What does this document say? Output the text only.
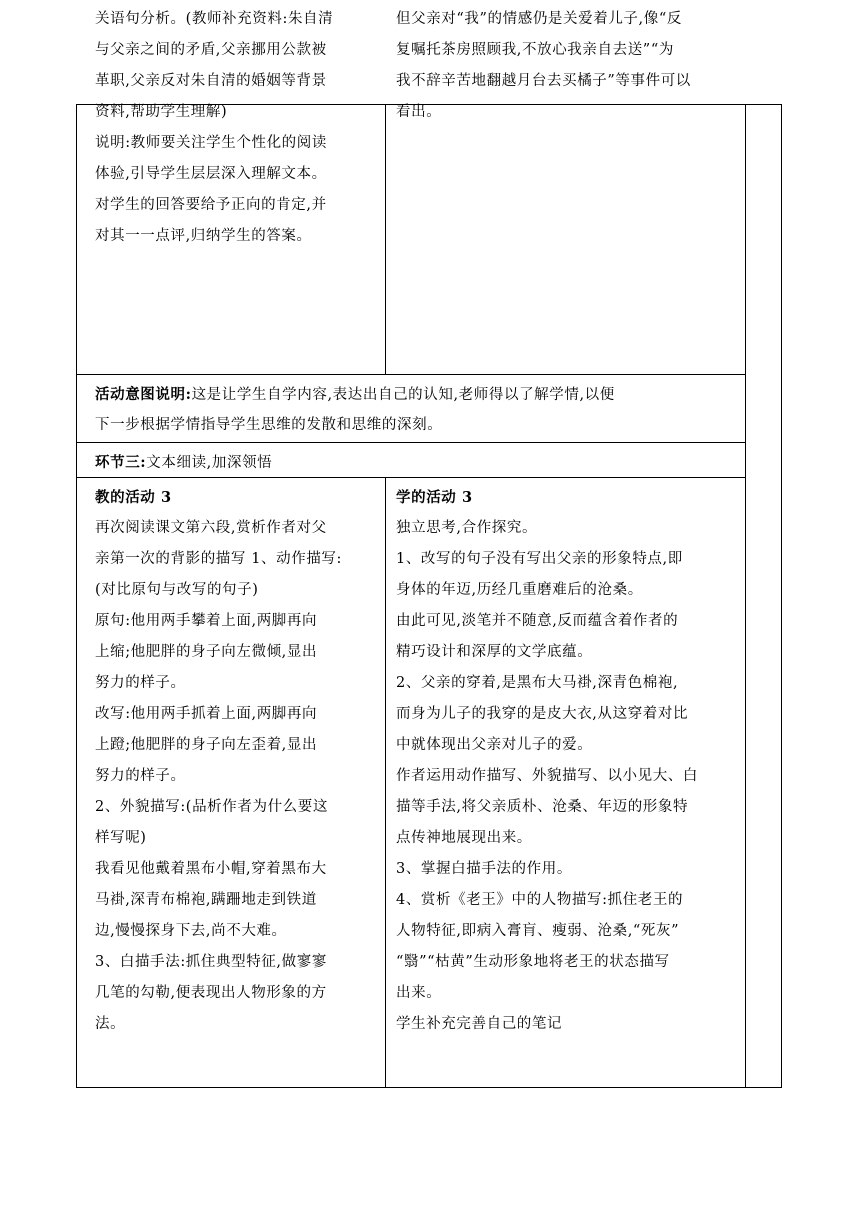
关语句分析。(教师补充资料:朱自清

与父亲之间的矛盾,父亲挪用公款被

革职,父亲反对朱自清的婚姻等背景

资料,帮助学生理解)

说明:教师要关注学生个性化的阅读

体验,引导学生层层深入理解文本。

对学生的回答要给予正向的肯定,并

对其一一点评,归纳学生的答案。

但父亲对“我”的情感仍是关爱着儿子,像“反

复嘱托茶房照顾我,不放心我亲自去送”“为

我不辞辛苦地翻越月台去买橘子”等事件可以

看出。

活动意图说明:这是让学生自学内容,表达出自己的认知,老师得以了解学情,以便
下一步根据学情指导学生思维的发散和思维的深刻。
环节三:文本细读,加深领悟

教的活动 3

再次阅读课文第六段,赏析作者对父

亲第一次的背影的描写 1、动作描写:

(对比原句与改写的句子)

原句:他用两手攀着上面,两脚再向

上缩;他肥胖的身子向左微倾,显出

努力的样子。

改写:他用两手抓着上面,两脚再向

上蹬;他肥胖的身子向左歪着,显出

努力的样子。

2、外貌描写:(品析作者为什么要这

样写呢)

我看见他戴着黑布小帽,穿着黑布大

马褂,深青布棉袍,蹒跚地走到铁道

边,慢慢探身下去,尚不大难。

3、白描手法:抓住典型特征,做寥寥

几笔的勾勒,便表现出人物形象的方

法。

学的活动 3

独立思考,合作探究。

1、改写的句子没有写出父亲的形象特点,即

身体的年迈,历经几重磨难后的沧桑。

由此可见,淡笔并不随意,反而蕴含着作者的

精巧设计和深厚的文学底蕴。

2、父亲的穿着,是黑布大马褂,深青色棉袍,

而身为儿子的我穿的是皮大衣,从这穿着对比

中就体现出父亲对儿子的爱。

作者运用动作描写、外貌描写、以小见大、白

描等手法,将父亲质朴、沧桑、年迈的形象特

点传神地展现出来。

3、掌握白描手法的作用。

4、赏析《老王》中的人物描写:抓住老王的

人物特征,即病入膏肓、瘦弱、沧桑,“死灰”

“翳”“枯黄”生动形象地将老王的状态描写

出来。

学生补充完善自己的笔记
